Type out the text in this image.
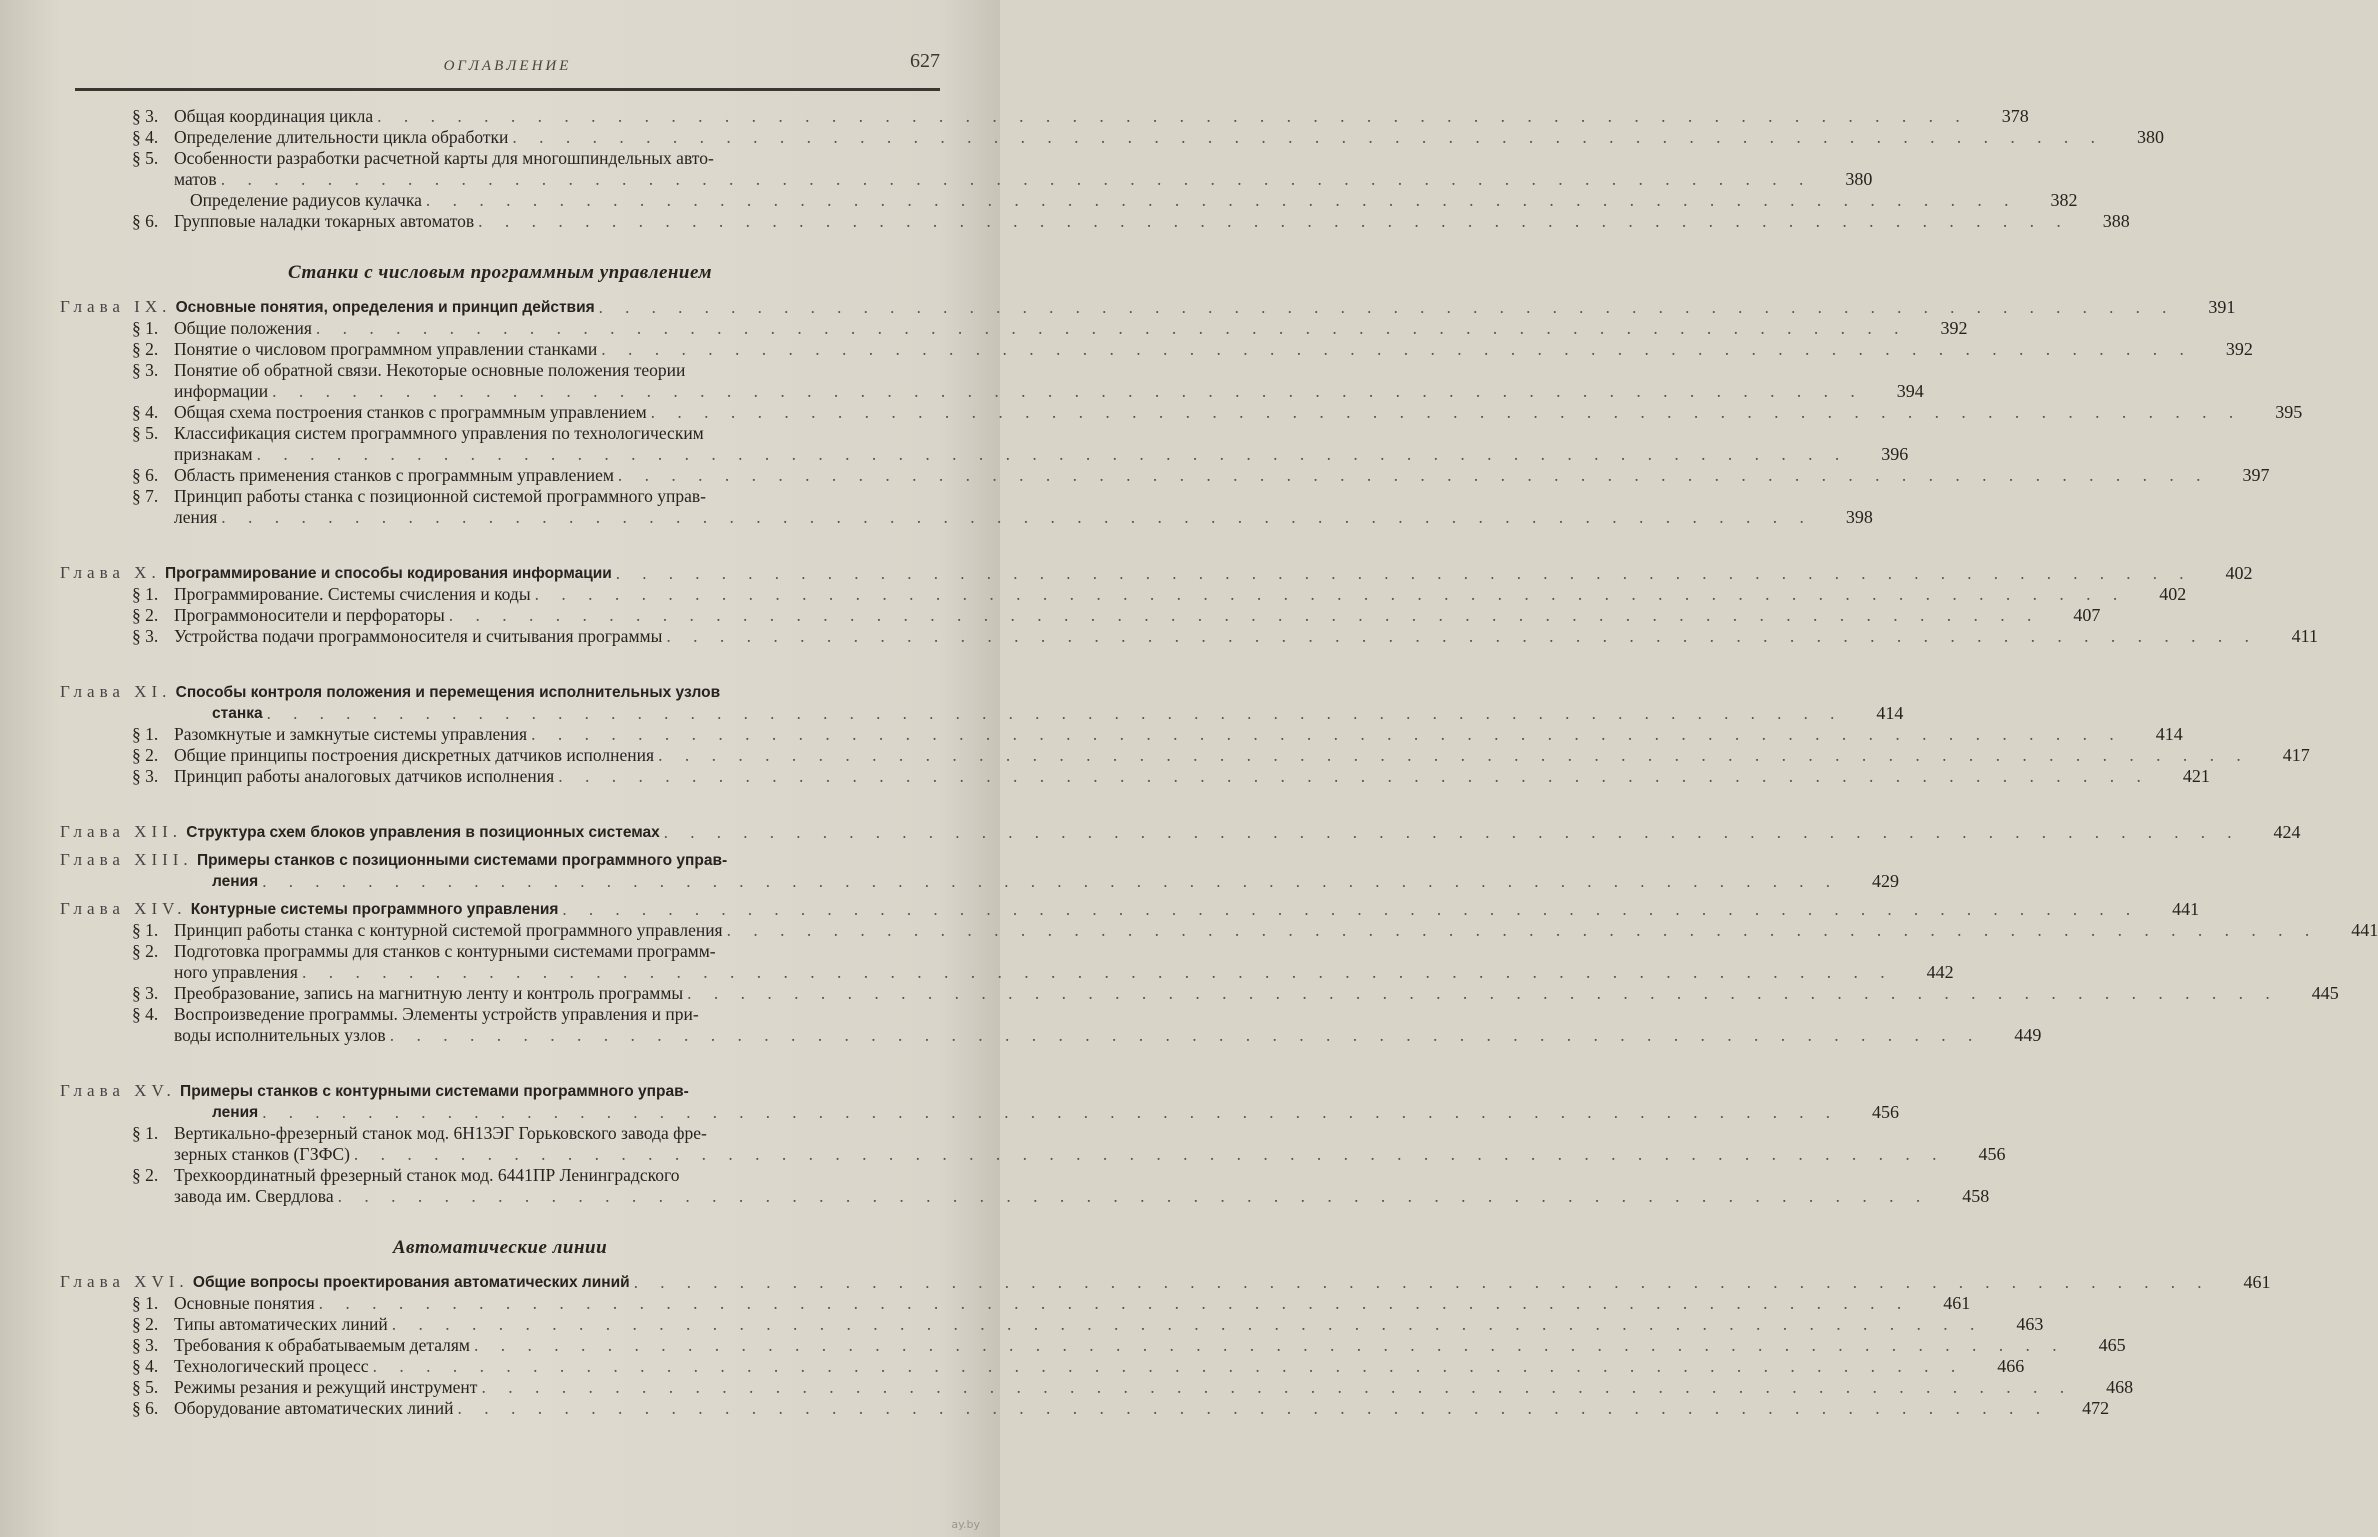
ОГЛАВЛЕНИЕ	627
§ 3. Общая координация цикла . . . . . . . . . . . . . . . . . . . . . . . . . . . . . . . . . . . . . . . . . . . . . . . . . . . . . . . . . . . .	378
§ 4. Определение длительности цикла обработки . . . . . . . . . . . . . . . . . . . . . . . . . . . . . . . . . . . . . . . . . . . . . . . . . . . . . . . . . . . .	380
§ 5. Особенности разработки расчетной карты для многошпиндельных авто-
матов . . . . . . . . . . . . . . . . . . . . . . . . . . . . . . . . . . . . . . . . . . . . . . . . . . . . . . . . . . . .	380
Определение радиусов кулачка . . . . . . . . . . . . . . . . . . . . . . . . . . . . . . . . . . . . . . . . . . . . . . . . . . . . . . . . . . . .	382
§ 6. Групповые наладки токарных автоматов . . . . . . . . . . . . . . . . . . . . . . . . . . . . . . . . . . . . . . . . . . . . . . . . . . . . . . . . . . . .	388
Станки с числовым программным управлением
Глава IX. Основные понятия, определения и принцип действия . . . . . . . . . . . . . . . . . . . . . . . . . . . . . . . . . . . . . . . . . . . . . . . . . . . . . . . . . . . .	391
§ 1. Общие положения . . . . . . . . . . . . . . . . . . . . . . . . . . . . . . . . . . . . . . . . . . . . . . . . . . . . . . . . . . . .	392
§ 2. Понятие о числовом программном управлении станками . . . . . . . . . . . . . . . . . . . . . . . . . . . . . . . . . . . . . . . . . . . . . . . . . . . . . . . . . . . .	392
§ 3. Понятие об обратной связи. Некоторые основные положения теории
информации . . . . . . . . . . . . . . . . . . . . . . . . . . . . . . . . . . . . . . . . . . . . . . . . . . . . . . . . . . . .	394
§ 4. Общая схема построения станков с программным управлением . . . . . . . . . . . . . . . . . . . . . . . . . . . . . . . . . . . . . . . . . . . . . . . . . . . . . . . . . . . .	395
§ 5. Классификация систем программного управления по технологическим
признакам . . . . . . . . . . . . . . . . . . . . . . . . . . . . . . . . . . . . . . . . . . . . . . . . . . . . . . . . . . . .	396
§ 6. Область применения станков с программным управлением . . . . . . . . . . . . . . . . . . . . . . . . . . . . . . . . . . . . . . . . . . . . . . . . . . . . . . . . . . . .	397
§ 7. Принцип работы станка с позиционной системой программного управ-
ления . . . . . . . . . . . . . . . . . . . . . . . . . . . . . . . . . . . . . . . . . . . . . . . . . . . . . . . . . . . .	398
Глава X. Программирование и способы кодирования информации . . . . . . . . . . . . . . . . . . . . . . . . . . . . . . . . . . . . . . . . . . . . . . . . . . . . . . . . . . . .	402
§ 1. Программирование. Системы счисления и коды . . . . . . . . . . . . . . . . . . . . . . . . . . . . . . . . . . . . . . . . . . . . . . . . . . . . . . . . . . . .	402
§ 2. Программоносители и перфораторы . . . . . . . . . . . . . . . . . . . . . . . . . . . . . . . . . . . . . . . . . . . . . . . . . . . . . . . . . . . .	407
§ 3. Устройства подачи программоносителя и считывания программы . . . . . . . . . . . . . . . . . . . . . . . . . . . . . . . . . . . . . . . . . . . . . . . . . . . . . . . . . . . .	411
Глава XI. Способы контроля положения и перемещения исполнительных узлов
станка . . . . . . . . . . . . . . . . . . . . . . . . . . . . . . . . . . . . . . . . . . . . . . . . . . . . . . . . . . . .	414
§ 1. Разомкнутые и замкнутые системы управления . . . . . . . . . . . . . . . . . . . . . . . . . . . . . . . . . . . . . . . . . . . . . . . . . . . . . . . . . . . .	414
§ 2. Общие принципы построения дискретных датчиков исполнения . . . . . . . . . . . . . . . . . . . . . . . . . . . . . . . . . . . . . . . . . . . . . . . . . . . . . . . . . . . .	417
§ 3. Принцип работы аналоговых датчиков исполнения . . . . . . . . . . . . . . . . . . . . . . . . . . . . . . . . . . . . . . . . . . . . . . . . . . . . . . . . . . . .	421
Глава XII. Структура схем блоков управления в позиционных системах . . . . . . . . . . . . . . . . . . . . . . . . . . . . . . . . . . . . . . . . . . . . . . . . . . . . . . . . . . . .	424
Глава XIII. Примеры станков с позиционными системами программного управ-
ления . . . . . . . . . . . . . . . . . . . . . . . . . . . . . . . . . . . . . . . . . . . . . . . . . . . . . . . . . . . .	429
Глава XIV. Контурные системы программного управления . . . . . . . . . . . . . . . . . . . . . . . . . . . . . . . . . . . . . . . . . . . . . . . . . . . . . . . . . . . .	441
§ 1. Принцип работы станка с контурной системой программного управления . . . . . . . . . . . . . . . . . . . . . . . . . . . . . . . . . . . . . . . . . . . . . . . . . . . . . . . . . . . .	441
§ 2. Подготовка программы для станков с контурными системами программ-
ного управления . . . . . . . . . . . . . . . . . . . . . . . . . . . . . . . . . . . . . . . . . . . . . . . . . . . . . . . . . . . .	442
§ 3. Преобразование, запись на магнитную ленту и контроль программы . . . . . . . . . . . . . . . . . . . . . . . . . . . . . . . . . . . . . . . . . . . . . . . . . . . . . . . . . . . .	445
§ 4. Воспроизведение программы. Элементы устройств управления и при-
воды исполнительных узлов . . . . . . . . . . . . . . . . . . . . . . . . . . . . . . . . . . . . . . . . . . . . . . . . . . . . . . . . . . . .	449
Глава XV. Примеры станков с контурными системами программного управ-
ления . . . . . . . . . . . . . . . . . . . . . . . . . . . . . . . . . . . . . . . . . . . . . . . . . . . . . . . . . . . .	456
§ 1. Вертикально-фрезерный станок мод. 6Н13ЭГ Горьковского завода фре-
зерных станков (ГЗФС) . . . . . . . . . . . . . . . . . . . . . . . . . . . . . . . . . . . . . . . . . . . . . . . . . . . . . . . . . . . .	456
§ 2. Трехкоординатный фрезерный станок мод. 6441ПР Ленинградского
завода им. Свердлова . . . . . . . . . . . . . . . . . . . . . . . . . . . . . . . . . . . . . . . . . . . . . . . . . . . . . . . . . . . .	458
Автоматические линии
Глава XVI. Общие вопросы проектирования автоматических линий . . . . . . . . . . . . . . . . . . . . . . . . . . . . . . . . . . . . . . . . . . . . . . . . . . . . . . . . . . . .	461
§ 1. Основные понятия . . . . . . . . . . . . . . . . . . . . . . . . . . . . . . . . . . . . . . . . . . . . . . . . . . . . . . . . . . . .	461
§ 2. Типы автоматических линий . . . . . . . . . . . . . . . . . . . . . . . . . . . . . . . . . . . . . . . . . . . . . . . . . . . . . . . . . . . .	463
§ 3. Требования к обрабатываемым деталям . . . . . . . . . . . . . . . . . . . . . . . . . . . . . . . . . . . . . . . . . . . . . . . . . . . . . . . . . . . .	465
§ 4. Технологический процесс . . . . . . . . . . . . . . . . . . . . . . . . . . . . . . . . . . . . . . . . . . . . . . . . . . . . . . . . . . . .	466
§ 5. Режимы резания и режущий инструмент . . . . . . . . . . . . . . . . . . . . . . . . . . . . . . . . . . . . . . . . . . . . . . . . . . . . . . . . . . . .	468
§ 6. Оборудование автоматических линий . . . . . . . . . . . . . . . . . . . . . . . . . . . . . . . . . . . . . . . . . . . . . . . . . . . . . . . . . . . .	472
ay.by
